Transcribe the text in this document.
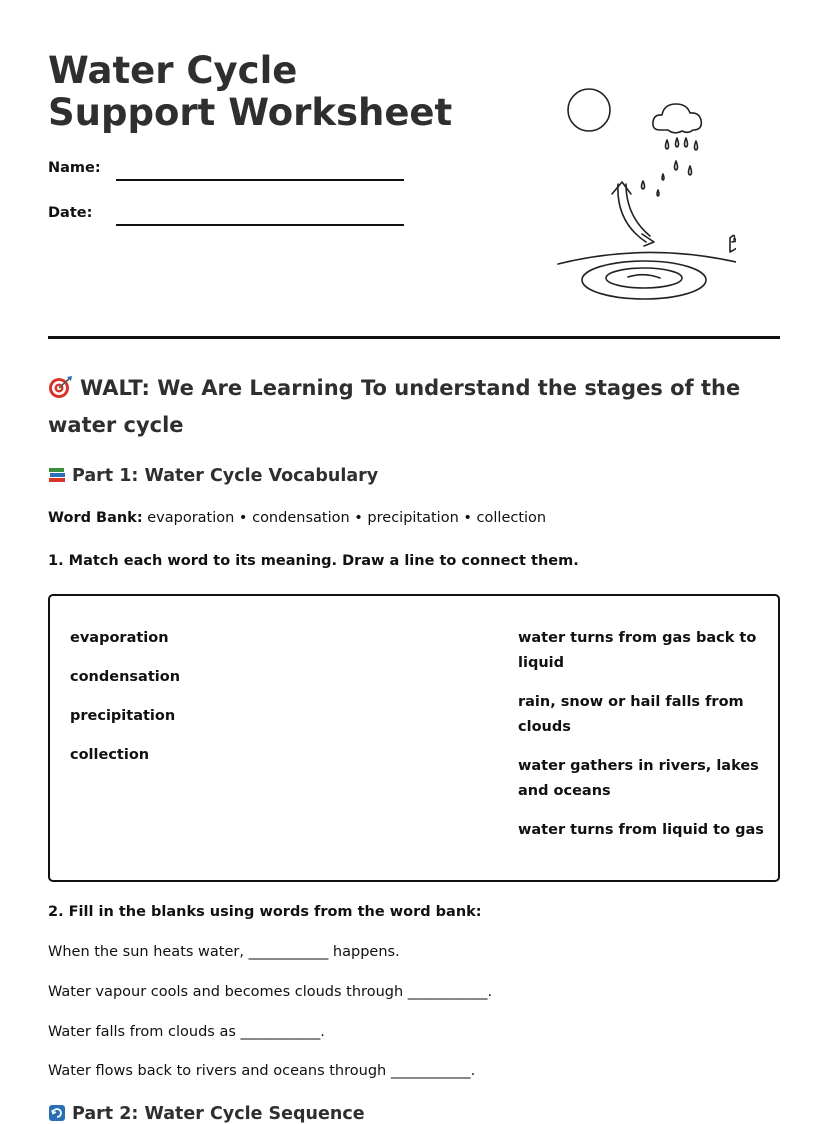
Water Cycle Support Worksheet
Name:
Date:
WALT: We Are Learning To understand the stages of the water cycle
Part 1: Water Cycle Vocabulary
Word Bank: evaporation • condensation • precipitation • collection
1. Match each word to its meaning. Draw a line to connect them.
evaporation
condensation
precipitation
collection
water turns from gas back to liquid
rain, snow or hail falls from clouds
water gathers in rivers, lakes and oceans
water turns from liquid to gas
2. Fill in the blanks using words from the word bank:
When the sun heats water, ___________ happens.
Water vapour cools and becomes clouds through ___________.
Water falls from clouds as ___________.
Water flows back to rivers and oceans through ___________.
Part 2: Water Cycle Sequence
